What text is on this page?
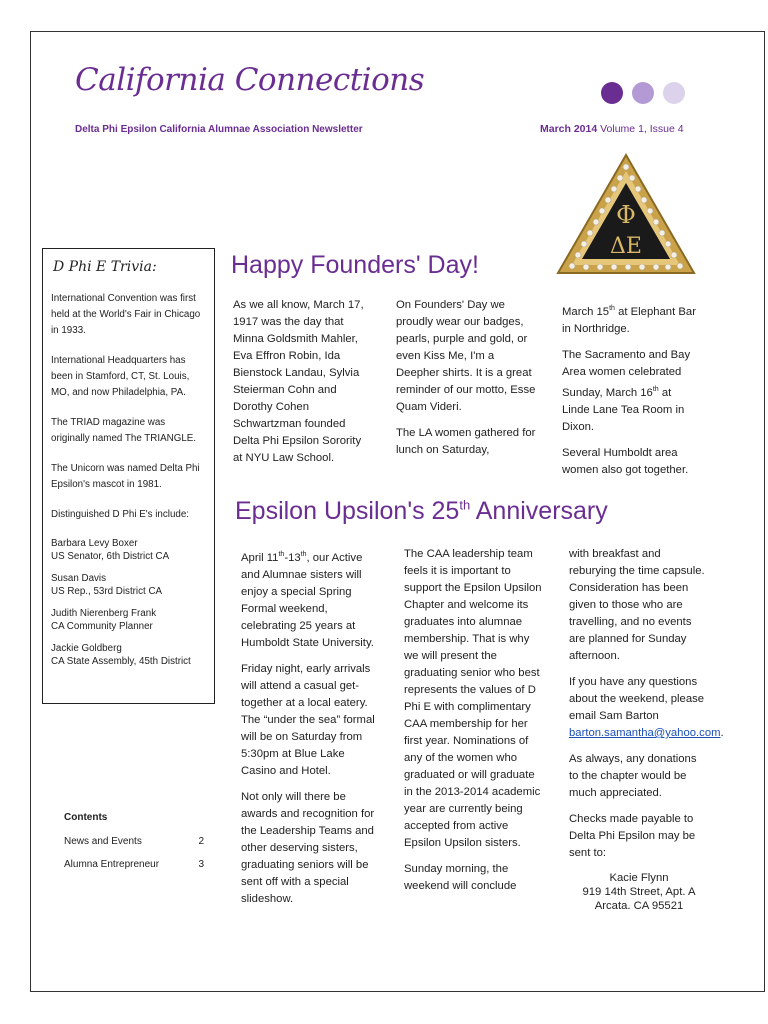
California Connections
Delta Phi Epsilon California Alumnae Association Newsletter	March 2014 Volume 1, Issue 4
Φ
ΔΕ
D Phi E Trivia:

International Convention was first held at the World's Fair in Chicago in 1933.

International Headquarters has been in Stamford, CT, St. Louis, MO, and now Philadelphia, PA.

The TRIAD magazine was originally named The TRIANGLE.

The Unicorn was named Delta Phi Epsilon's mascot in 1981.

Distinguished D Phi E's include:

Barbara Levy Boxer
US Senator, 6th District CA

Susan Davis
US Rep., 53rd District CA

Judith Nierenberg Frank
CA Community Planner

Jackie Goldberg
CA State Assembly, 45th District

Contents
News and Events	2
Alumna Entrepreneur	3
Happy Founders' Day!

As we all know, March 17, 1917 was the day that Minna Goldsmith Mahler, Eva Effron Robin, Ida Bienstock Landau, Sylvia Steierman Cohn and Dorothy Cohen Schwartzman founded Delta Phi Epsilon Sorority at NYU Law School.

On Founders' Day we proudly wear our badges, pearls, purple and gold, or even Kiss Me, I'm a Deepher shirts. It is a great reminder of our motto, Esse Quam Videri.

The LA women gathered for lunch on Saturday,

March 15th at Elephant Bar in Northridge.

The Sacramento and Bay Area women celebrated Sunday, March 16th at Linde Lane Tea Room in Dixon.

Several Humboldt area women also got together.

Epsilon Upsilon's 25th Anniversary

April 11th-13th, our Active and Alumnae sisters will enjoy a special Spring Formal weekend, celebrating 25 years at Humboldt State University.

Friday night, early arrivals will attend a casual get-together at a local eatery. The “under the sea” formal will be on Saturday from 5:30pm at Blue Lake Casino and Hotel.

Not only will there be awards and recognition for the Leadership Teams and other deserving sisters, graduating seniors will be sent off with a special slideshow.

The CAA leadership team feels it is important to support the Epsilon Upsilon Chapter and welcome its graduates into alumnae membership. That is why we will present the graduating senior who best represents the values of D Phi E with complimentary CAA membership for her first year. Nominations of any of the women who graduated or will graduate in the 2013-2014 academic year are currently being accepted from active Epsilon Upsilon sisters.

Sunday morning, the weekend will conclude

with breakfast and reburying the time capsule. Consideration has been given to those who are travelling, and no events are planned for Sunday afternoon.

If you have any questions about the weekend, please email Sam Barton barton.samantha@yahoo.com.

As always, any donations to the chapter would be much appreciated.

Checks made payable to Delta Phi Epsilon may be sent to:

Kacie Flynn
919 14th Street, Apt. A
Arcata. CA 95521
